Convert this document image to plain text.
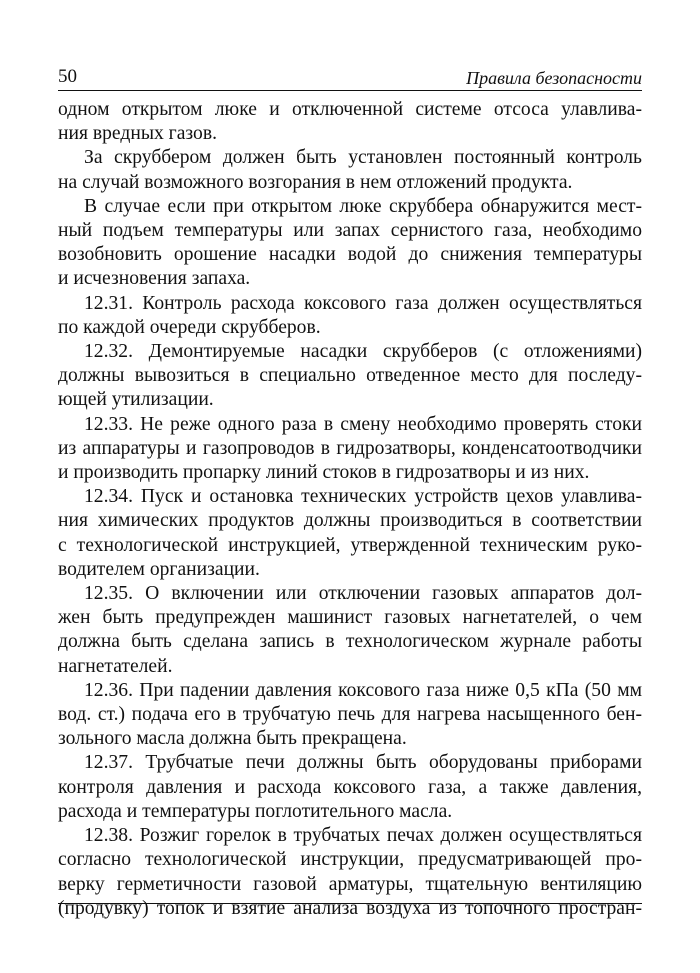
50	Правила безопасности

одном открытом люке и отключенной системе отсоса улавлива-
ния вредных газов.

За скруббером должен быть установлен постоянный контроль
на случай возможного возгорания в нем отложений продукта.

В случае если при открытом люке скруббера обнаружится мест-
ный подъем температуры или запах сернистого газа, необходимо
возобновить орошение насадки водой до снижения температуры
и исчезновения запаха.

12.31. Контроль расхода коксового газа должен осуществляться
по каждой очереди скрубберов.

12.32. Демонтируемые насадки скрубберов (с отложениями)
должны вывозиться в специально отведенное место для последу-
ющей утилизации.

12.33. Не реже одного раза в смену необходимо проверять стоки
из аппаратуры и газопроводов в гидрозатворы, конденсатоотводчики
и производить пропарку линий стоков в гидрозатворы и из них.

12.34. Пуск и остановка технических устройств цехов улавлива-
ния химических продуктов должны производиться в соответствии
с технологической инструкцией, утвержденной техническим руко-
водителем организации.

12.35. О включении или отключении газовых аппаратов дол-
жен быть предупрежден машинист газовых нагнетателей, о чем
должна быть сделана запись в технологическом журнале работы
нагнетателей.

12.36. При падении давления коксового газа ниже 0,5 кПа (50 мм
вод. ст.) подача его в трубчатую печь для нагрева насыщенного бен-
зольного масла должна быть прекращена.

12.37. Трубчатые печи должны быть оборудованы приборами
контроля давления и расхода коксового газа, а также давления,
расхода и температуры поглотительного масла.

12.38. Розжиг горелок в трубчатых печах должен осуществляться
согласно технологической инструкции, предусматривающей про-
верку герметичности газовой арматуры, тщательную вентиляцию
(продувку) топок и взятие анализа воздуха из топочного простран-
